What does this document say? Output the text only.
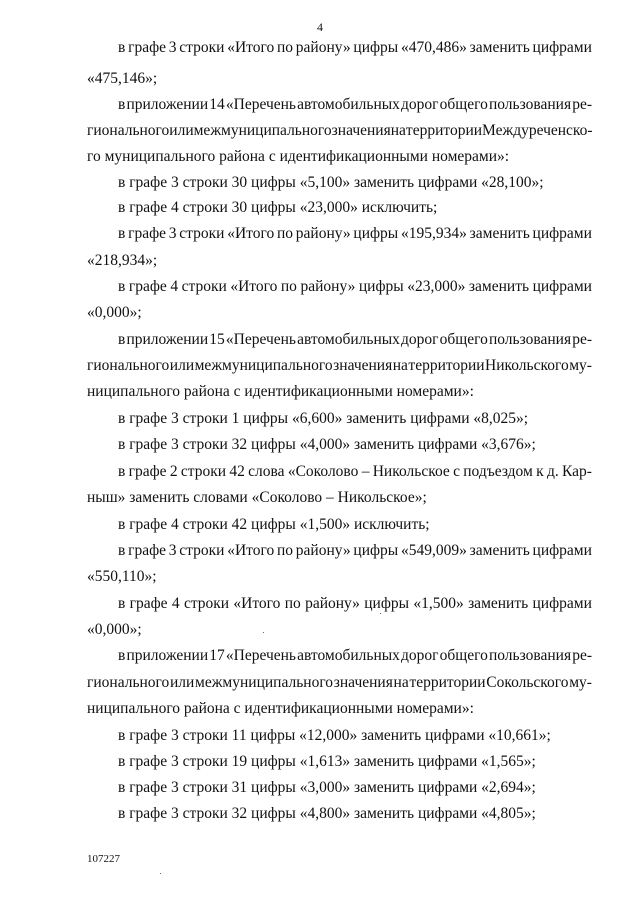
4
в графе 3 строки «Итого по району» цифры «470,486» заменить цифрами
«475,146»;
в приложении 14 «Перечень автомобильных дорог общего пользования ре-
гионального или межмуниципального значения на территории Междуреченско-
го муниципального района с идентификационными номерами»:
в графе 3 строки 30 цифры «5,100» заменить цифрами «28,100»;
в графе 4 строки 30 цифры «23,000» исключить;
в графе 3 строки «Итого по району» цифры «195,934» заменить цифрами
«218,934»;
в графе 4 строки «Итого по району» цифры «23,000» заменить цифрами
«0,000»;
в приложении 15 «Перечень автомобильных дорог общего пользования ре-
гионального или межмуниципального значения на территории Никольского му-
ниципального района с идентификационными номерами»:
в графе 3 строки 1 цифры «6,600» заменить цифрами «8,025»;
в графе 3 строки 32 цифры «4,000» заменить цифрами «3,676»;
в графе 2 строки 42 слова «Соколово – Никольское с подъездом к д. Кар-
ныш» заменить словами «Соколово – Никольское»;
в графе 4 строки 42 цифры «1,500» исключить;
в графе 3 строки «Итого по району» цифры «549,009» заменить цифрами
«550,110»;
в графе 4 строки «Итого по району» цифры «1,500» заменить цифрами
«0,000»;
в приложении 17 «Перечень автомобильных дорог общего пользования ре-
гионального или межмуниципального значения на территории Сокольского му-
ниципального района с идентификационными номерами»:
в графе 3 строки 11 цифры «12,000» заменить цифрами «10,661»;
в графе 3 строки 19 цифры «1,613» заменить цифрами «1,565»;
в графе 3 строки 31 цифры «3,000» заменить цифрами «2,694»;
в графе 3 строки 32 цифры «4,800» заменить цифрами «4,805»;
107227
